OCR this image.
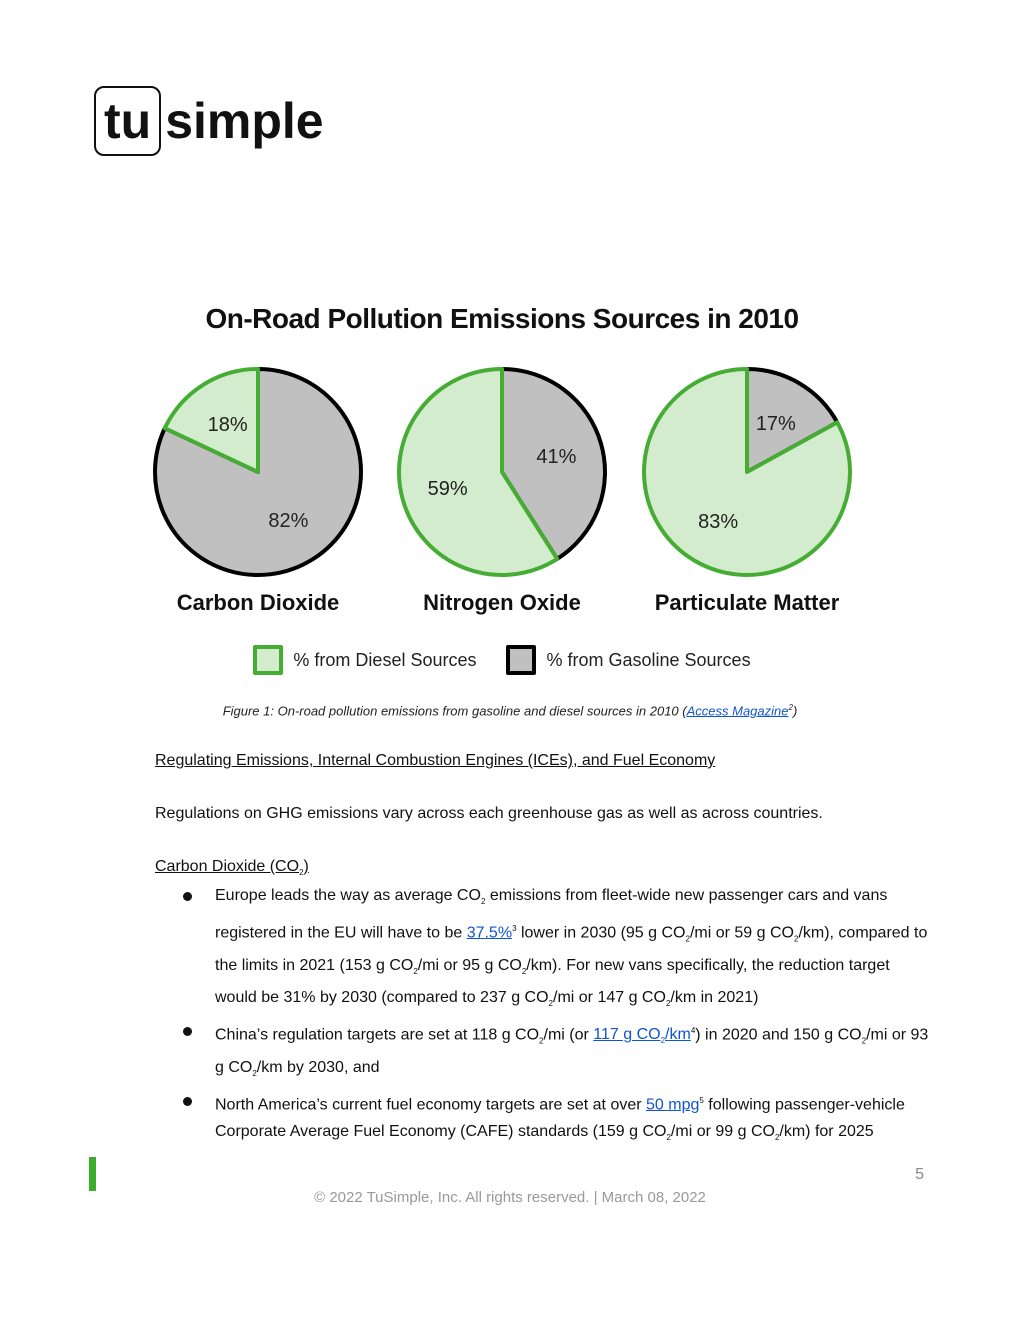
tu simple
On-Road Pollution Emissions Sources in 2010
82%
18%
Carbon Dioxide
41%
59%
Nitrogen Oxide
17%
83%
Particulate Matter
% from Diesel Sources	% from Gasoline Sources
Figure 1: On-road pollution emissions from gasoline and diesel sources in 2010 (Access Magazine$^2$)
Regulating Emissions, Internal Combustion Engines (ICEs), and Fuel Economy
Regulations on GHG emissions vary across each greenhouse gas as well as across countries.
Carbon Dioxide $(CO_2)$
Europe leads the way as average $CO_2$ emissions from fleet-wide new passenger cars and vans registered in the EU will have to be 37.5%$^3$ lower in 2030 (95 g $CO_2/mi$ or 59 g $CO_2/km$), compared to the limits in 2021 (153 g $CO_2/mi$ or 95 g $CO_2/km$). For new vans specifically, the reduction target would be 31% by 2030 (compared to 237 g $CO_2/mi$ or 147 g $CO_2/km$ in 2021)
China’s regulation targets are set at 118 g $CO_2/mi$ (or 117 g $CO_2/km^4$) in 2020 and 150 g $CO_2/mi$ or 93 g $CO_2/km$ by 2030, and
North America’s current fuel economy targets are set at over 50 mpg$^5$ following passenger-vehicle Corporate Average Fuel Economy (CAFE) standards (159 g $CO_2/mi$ or 99 g $CO_2/km$) for 2025
5
© 2022 TuSimple, Inc. All rights reserved. | March 08, 2022
